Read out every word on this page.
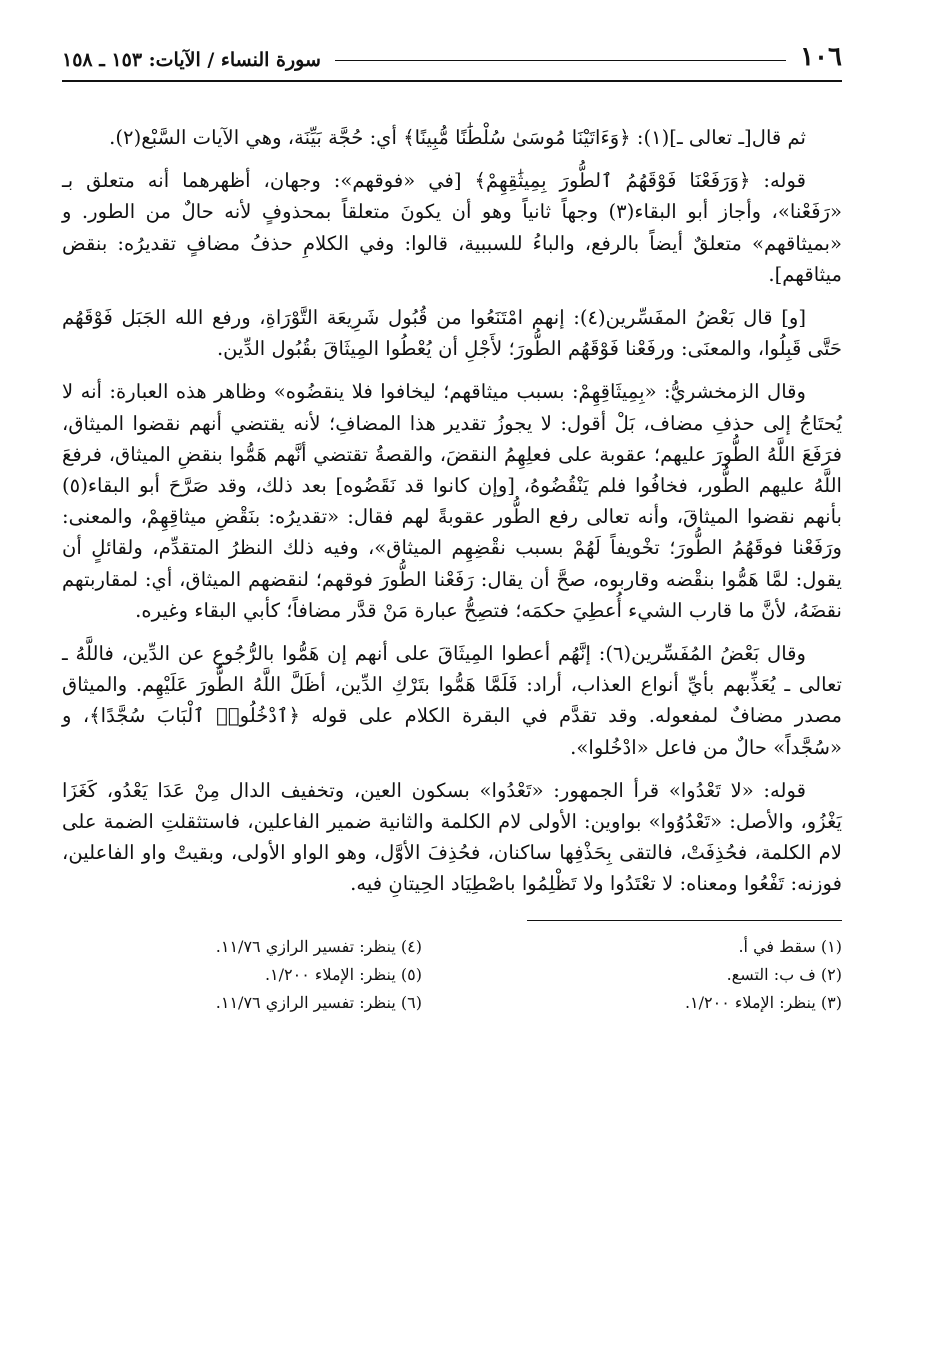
١٠٦
سورة النساء / الآيات: ١٥٣ ـ ١٥٨

ثم قال[ـ تعالى ـ](١): ﴿وَءَاتَيْنَا مُوسَىٰ سُلْطَٰنًا مُّبِينًا﴾ أي: حُجَّة بَيِّنَة، وهي الآيات السَّبْع(٢).

قوله: ﴿وَرَفَعْنَا فَوْقَهُمُ ٱلطُّورَ بِمِيثَٰقِهِمْ﴾ [في «فوقهم»: وجهان، أظهرهما أنه متعلق بـ «رَفَعْنا»، وأجاز أبو البقاء(٣) وجهاً ثانياً وهو أن يكونَ متعلقاً بمحذوفٍ لأنه حالٌ من الطور. و «بميثاقهم» متعلقٌ أيضاً بالرفع، والباءُ للسببية، قالوا: وفي الكلامِ حذفُ مضافٍ تقديرُه: بنقض ميثاقهم].

[و] قال بَعْضُ المفَسِّرين(٤): إنهم امْتَنَعُوا من قُبُول شَرِيعَة التَّوْرَاةِ، ورفع الله الجَبَل فَوْقَهُم حَتَّى قَبِلُوا، والمعنَى: ورفَعْنا فَوْقَهُم الطُّورَ؛ لأَجْلِ أن يُعْطُوا المِيثَاقَ بقُبُول الدِّين.

وقال الزمخشريُّ: «بِمِيثَاقِهِمْ: بسبب ميثاقهم؛ ليخافوا فلا ينقضُوه» وظاهر هذه العبارة: أنه لا يُحتَاجُ إلى حذفِ مضاف، بَلْ أقول: لا يجوزُ تقدير هذا المضافِ؛ لأنه يقتضي أنهم نقضوا الميثاق، فرَفَعَ اللَّهُ الطُّورَ عليهم؛ عقوبة على فعلِهِمُ النقضَ، والقصةُ تقتضي أنَّهم هَمُّوا بنقضِ الميثاق، فرفعَ اللَّهُ عليهم الطُّور، فخافُوا فلم يَنْقُضُوهُ، [وإن كانوا قد نَقَضُوه] بعد ذلك، وقد صَرَّحَ أبو البقاء(٥) بأنهم نقضوا الميثاقَ، وأنه تعالى رفع الطُّور عقوبةً لهم فقال: «تقديرُه: بنَقْضِ ميثاقِهِمْ، والمعنى: ورَفَعْنا فوقَهُمُ الطُّورَ؛ تخْويفاً لَهُمْ بسبب نقْضِهِم الميثاق»، وفيه ذلك النظرُ المتقدِّم، ولقائلٍ أن يقول: لمَّا هَمُّوا بنقْضه وقاربوه، صحَّ أن يقال: رَفَعْنا الطُّورَ فوقهم؛ لنقضهم الميثاق، أي: لمقاربتهم نقضَهُ، لأنَّ ما قارب الشيء أُعطِيَ حكمَه؛ فتصِحُّ عبارة مَنْ قدَّر مضافاً؛ كأبي البقاء وغيره.

وقال بَعْضُ المُفَسِّرين(٦): إنَّهُم أعطوا المِيثَاقَ على أنهم إن هَمُّوا بالرُّجُوعِ عن الدِّين، فاللَّهُ ـ تعالى ـ يُعَذِّبهم بأيِّ أنواع العذاب، أراد: فَلَمَّا هَمُّوا بتَرْكِ الدِّين، أظَلَّ اللَّهُ الطُّورَ عَلَيْهِم. والميثاق مصدر مضافٌ لمفعوله. وقد تقدَّم في البقرة الكلام على قوله ﴿ٱدْخُلُوا۟ ٱلْبَابَ سُجَّدًا﴾، و «سُجَّداً» حالٌ من فاعل «ادْخُلوا».

قوله: «لا تَعْدُوا» قرأ الجمهور: «تَعْدُوا» بسكون العين، وتخفيف الدال مِنْ عَدَا يَعْدُو، كَغَزَا يَغْزُو، والأصل: «تَعْدُوُوا» بواوين: الأولى لام الكلمة والثانية ضمير الفاعلين، فاستثقلتِ الضمة على لام الكلمة، فحُذِفَتْ، فالتقى بِحَذْفِها ساكنان، فحُذِفَ الأوَّل، وهو الواو الأولى، وبقيتْ واو الفاعلين، فوزنه: تَفْعُوا ومعناه: لا تعْتَدُوا ولا تَظْلِمُوا باصْطِيَاد الحِيتانِ فيه.

(١) سقط في أ.
(٢) ف ب: التسع.
(٣) ينظر: الإملاء ١/٢٠٠.
(٤) ينظر: تفسير الرازي ١١/٧٦.
(٥) ينظر: الإملاء ١/٢٠٠.
(٦) ينظر: تفسير الرازي ١١/٧٦.
